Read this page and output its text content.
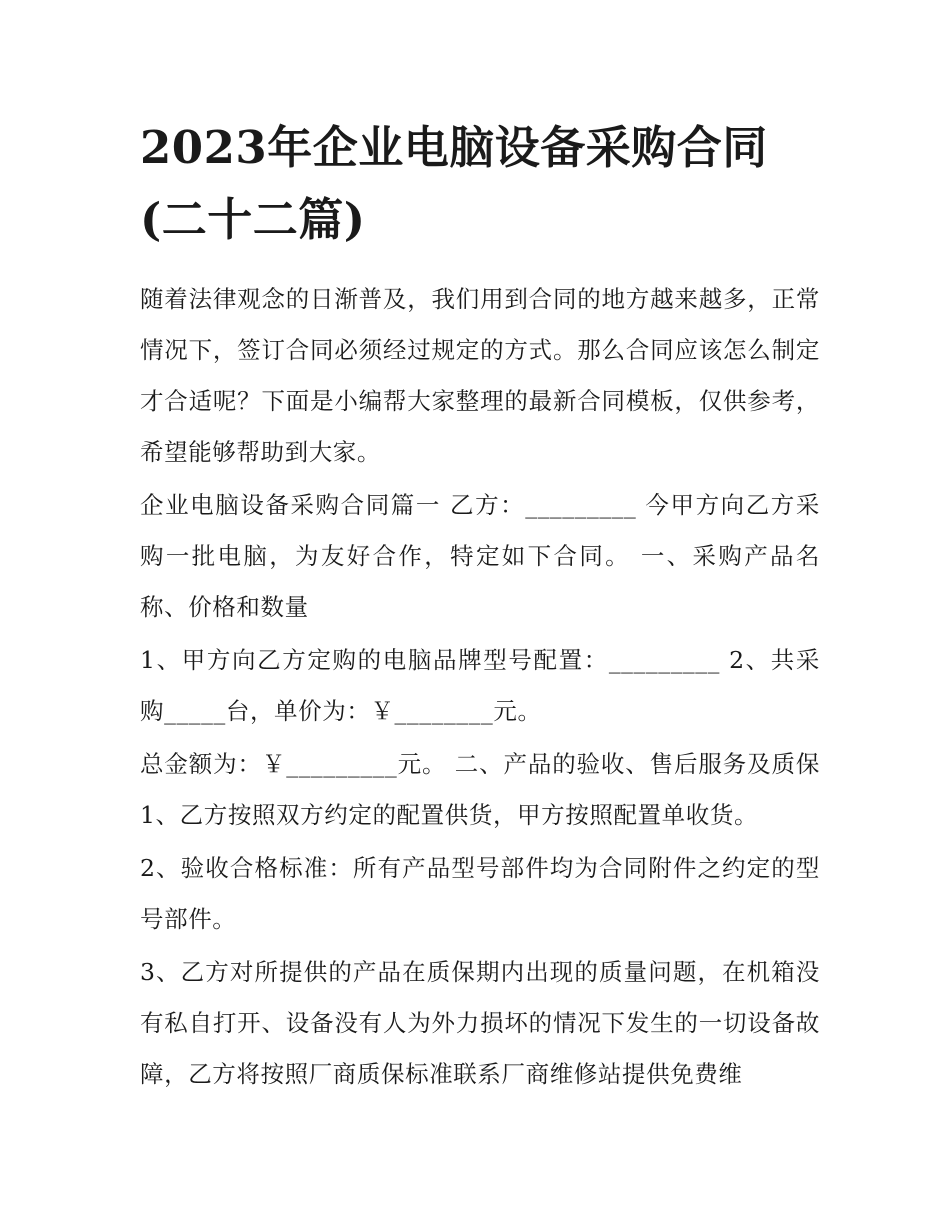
2023年企业电脑设备采购合同(二十二篇)

随着法律观念的日渐普及，我们用到合同的地方越来越多，正常情况下，签订合同必须经过规定的方式。那么合同应该怎么制定才合适呢？下面是小编帮大家整理的最新合同模板，仅供参考，希望能够帮助到大家。

企业电脑设备采购合同篇一 乙方：_________ 今甲方向乙方采购一批电脑，为友好合作，特定如下合同。 一、采购产品名称、价格和数量

1、甲方向乙方定购的电脑品牌型号配置：_________ 2、共采购_____台，单价为：￥________元。

总金额为：￥_________元。 二、产品的验收、售后服务及质保 1、乙方按照双方约定的配置供货，甲方按照配置单收货。

2、验收合格标准：所有产品型号部件均为合同附件之约定的型号部件。

3、乙方对所提供的产品在质保期内出现的质量问题，在机箱没有私自打开、设备没有人为外力损坏的情况下发生的一切设备故障，乙方将按照厂商质保标准联系厂商维修站提供免费维
